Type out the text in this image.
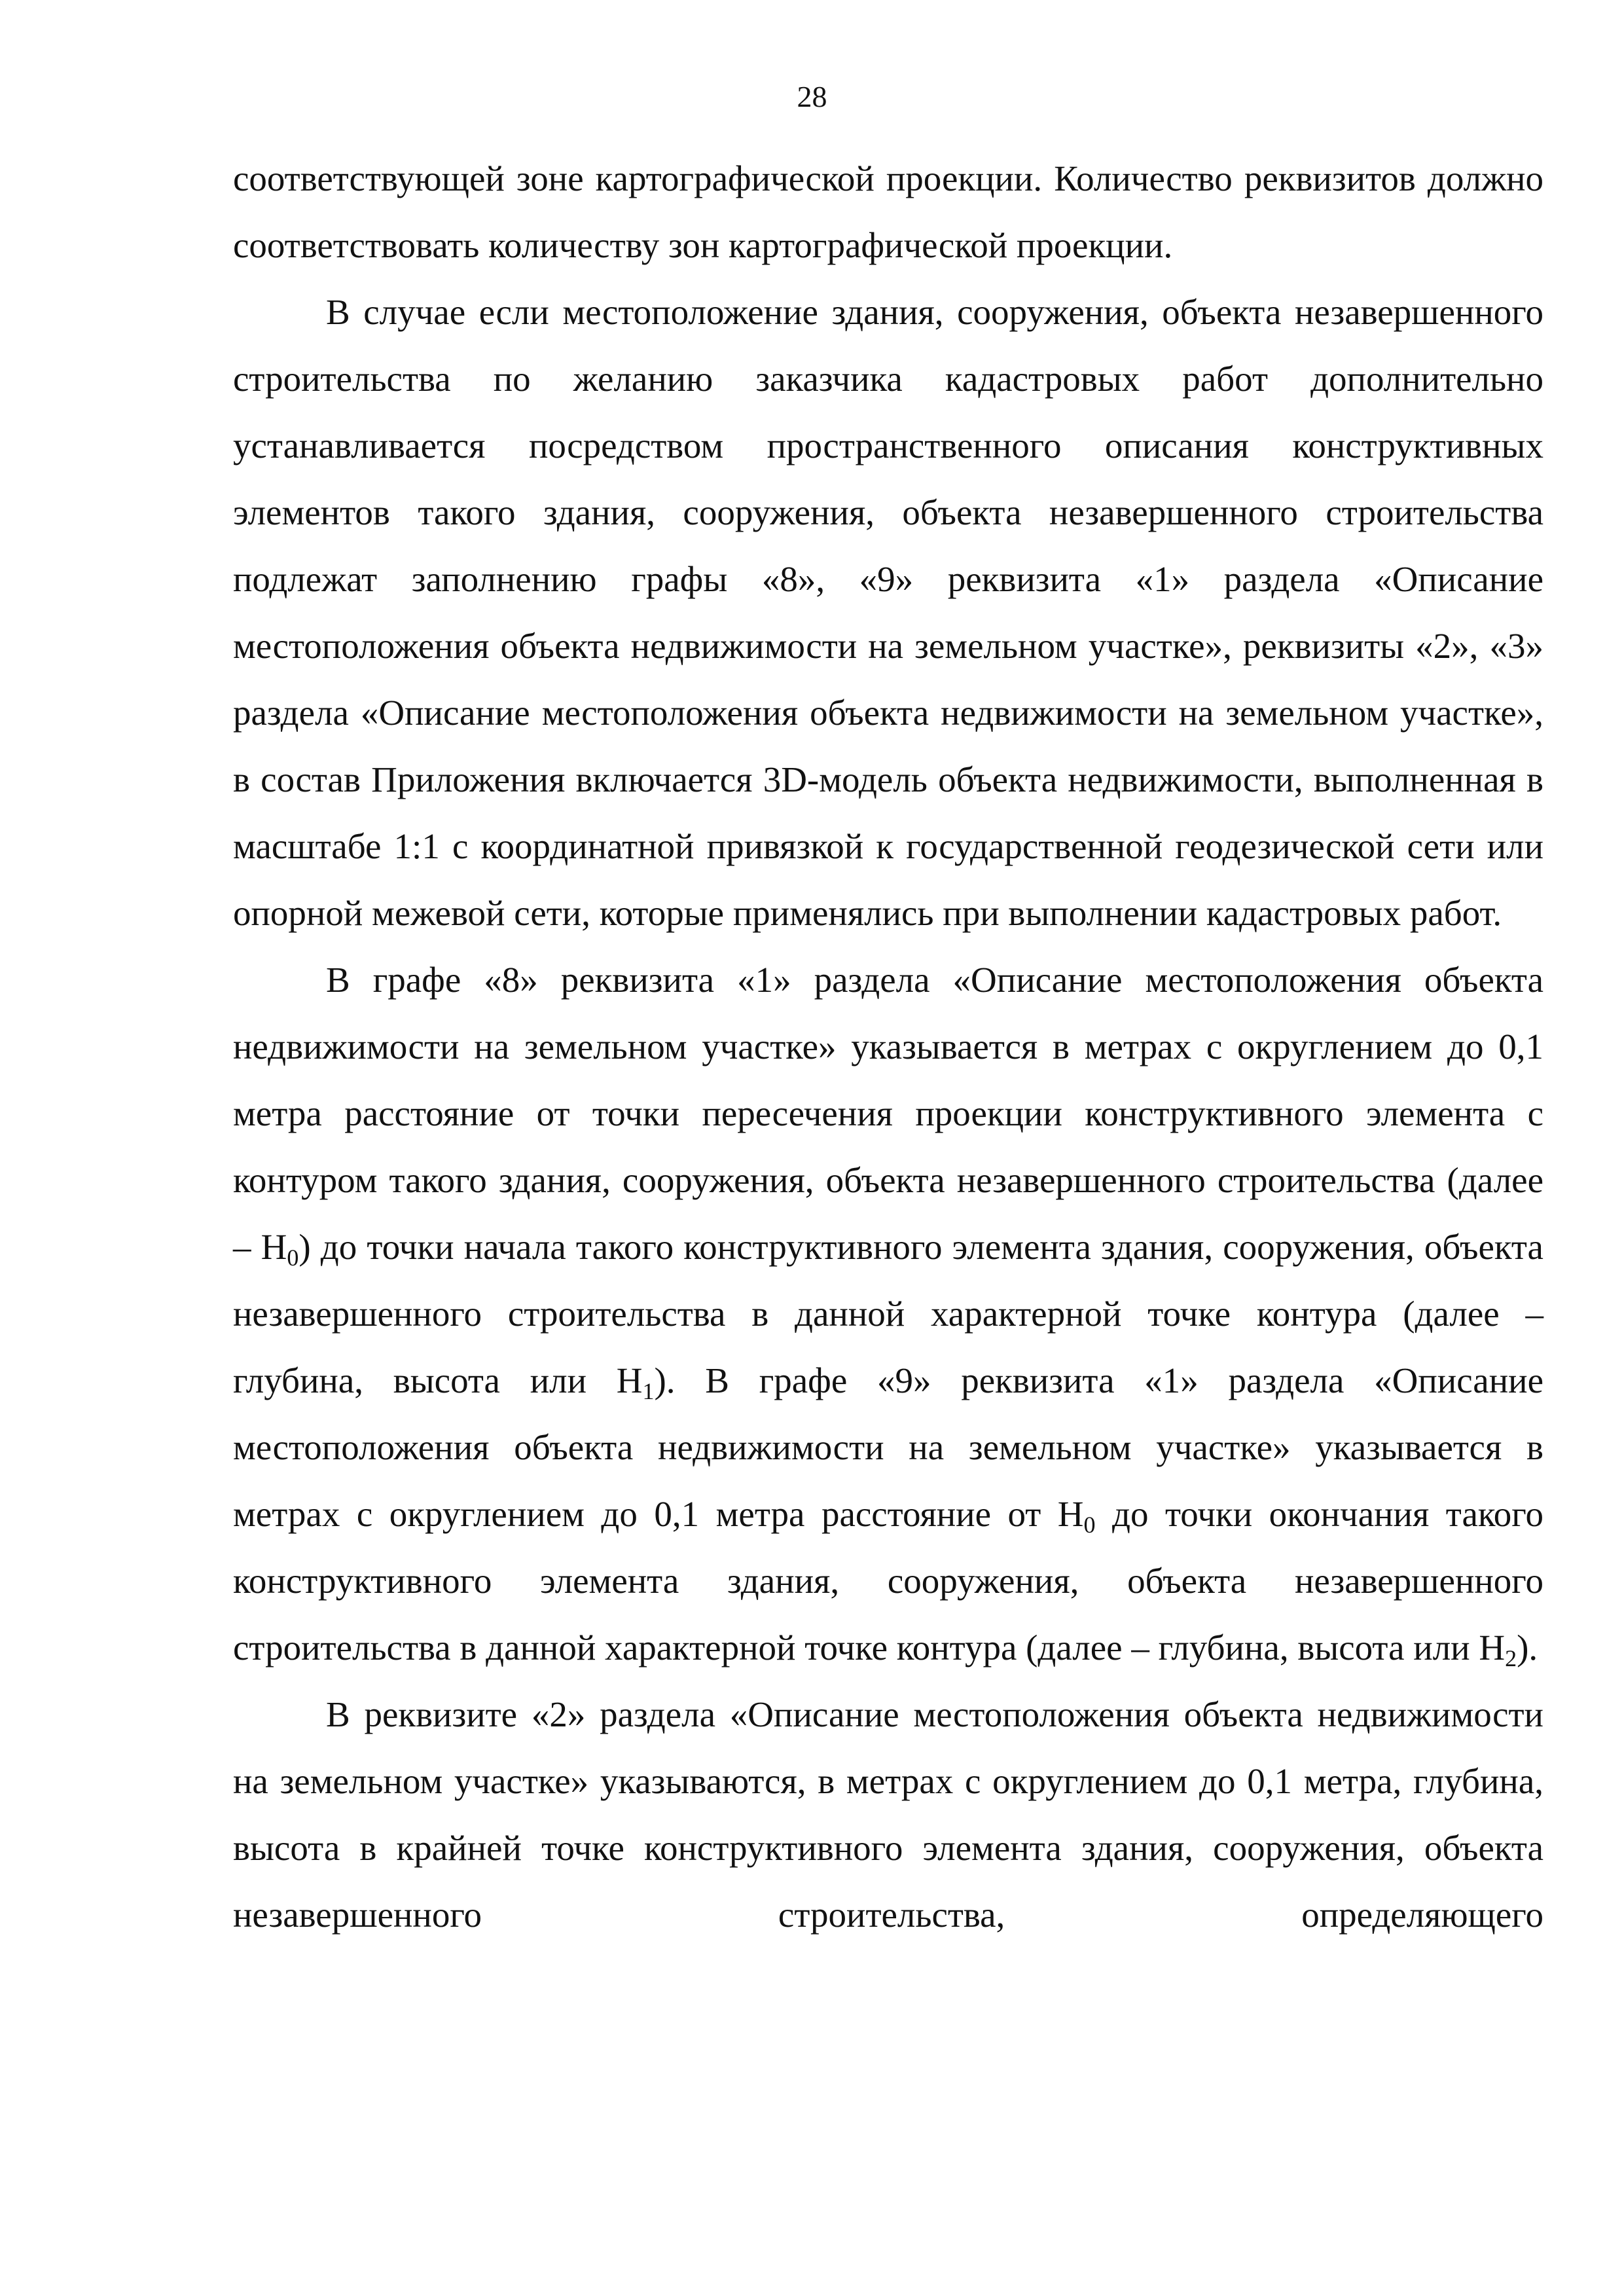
28

соответствующей зоне картографической проекции. Количество реквизитов должно соответствовать количеству зон картографической проекции.

В случае если местоположение здания, сооружения, объекта незавершенного строительства по желанию заказчика кадастровых работ дополнительно устанавливается посредством пространственного описания конструктивных элементов такого здания, сооружения, объекта незавершенного строительства подлежат заполнению графы «8», «9» реквизита «1» раздела «Описание местоположения объекта недвижимости на земельном участке», реквизиты «2», «3» раздела «Описание местоположения объекта недвижимости на земельном участке», в состав Приложения включается 3D-модель объекта недвижимости, выполненная в масштабе 1:1 с координатной привязкой к государственной геодезической сети или опорной межевой сети, которые применялись при выполнении кадастровых работ.

В графе «8» реквизита «1» раздела «Описание местоположения объекта недвижимости на земельном участке» указывается в метрах с округлением до 0,1 метра расстояние от точки пересечения проекции конструктивного элемента с контуром такого здания, сооружения, объекта незавершенного строительства (далее – $H_0$) до точки начала такого конструктивного элемента здания, сооружения, объекта незавершенного строительства в данной характерной точке контура (далее – глубина, высота или $H_1$). В графе «9» реквизита «1» раздела «Описание местоположения объекта недвижимости на земельном участке» указывается в метрах с округлением до 0,1 метра расстояние от $H_0$ до точки окончания такого конструктивного элемента здания, сооружения, объекта незавершенного строительства в данной характерной точке контура (далее – глубина, высота или $H_2$).

В реквизите «2» раздела «Описание местоположения объекта недвижимости на земельном участке» указываются, в метрах с округлением до 0,1 метра, глубина, высота в крайней точке конструктивного элемента здания, сооружения, объекта незавершенного строительства, определяющего
